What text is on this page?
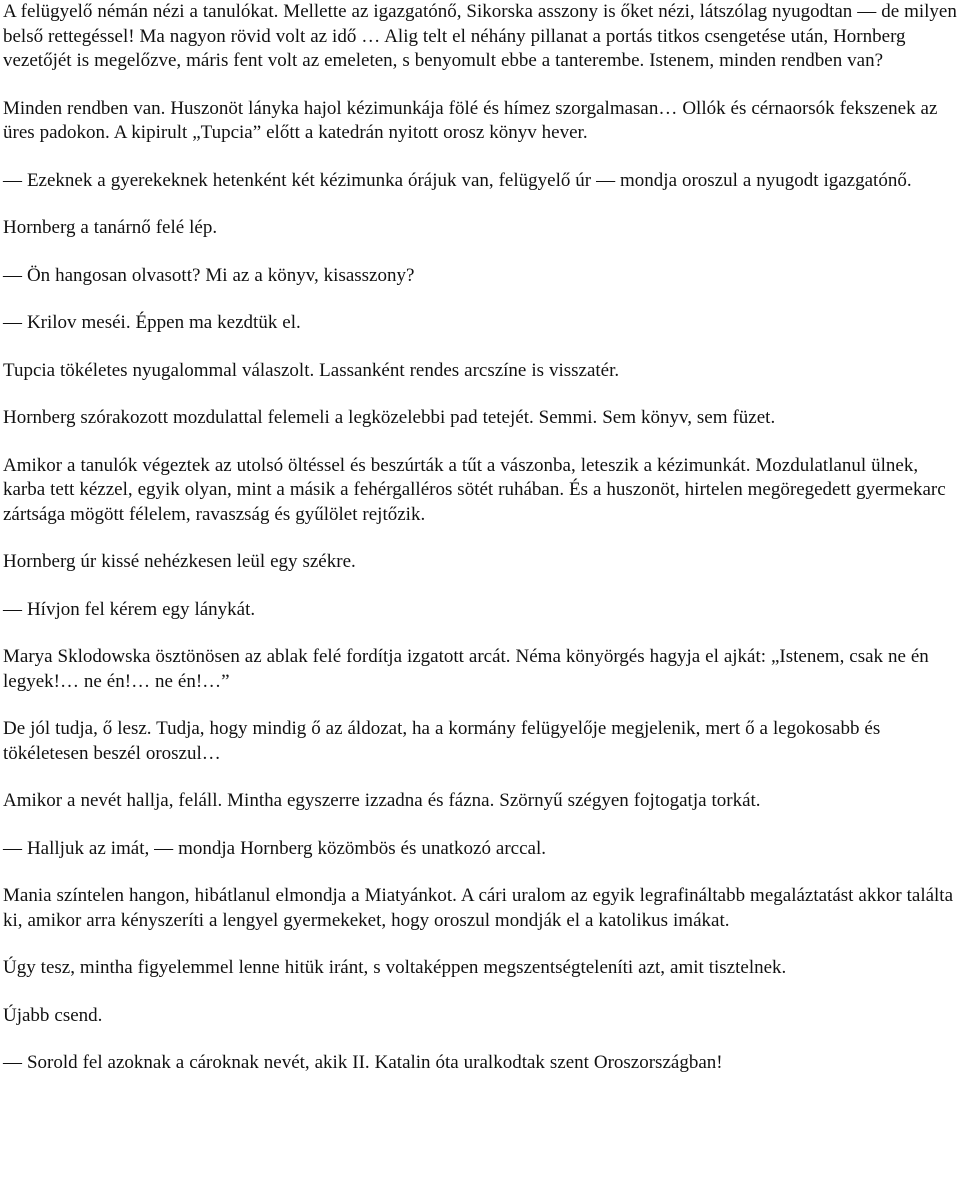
A felügyelő némán nézi a tanulókat. Mellette az igazgatónő, Sikorska asszony is őket nézi, látszólag nyugodtan — de milyen belső rettegéssel! Ma nagyon rövid volt az idő … Alig telt el néhány pillanat a portás titkos csengetése után, Hornberg vezetőjét is megelőzve, máris fent volt az emeleten, s benyomult ebbe a tanterembe. Istenem, minden rendben van?

Minden rendben van. Huszonöt lányka hajol kézimunkája fölé és hímez szorgalmasan… Ollók és cérnaorsók fekszenek az üres padokon. A kipirult „Tupcia” előtt a katedrán nyitott orosz könyv hever.

— Ezeknek a gyerekeknek hetenként két kézimunka órájuk van, felügyelő úr — mondja oroszul a nyugodt igazgatónő.

Hornberg a tanárnő felé lép.

— Ön hangosan olvasott? Mi az a könyv, kisasszony?

— Krilov meséi. Éppen ma kezdtük el.

Tupcia tökéletes nyugalommal válaszolt. Lassanként rendes arcszíne is visszatér.

Hornberg szórakozott mozdulattal felemeli a legközelebbi pad tetejét. Semmi. Sem könyv, sem füzet.

Amikor a tanulók végeztek az utolsó öltéssel és beszúrták a tűt a vászonba, leteszik a kézimunkát. Mozdulatlanul ülnek, karba tett kézzel, egyik olyan, mint a másik a fehérgalléros sötét ruhában. És a huszonöt, hirtelen megöregedett gyermekarc zártsága mögött félelem, ravaszság és gyűlölet rejtőzik.

Hornberg úr kissé nehézkesen leül egy székre.

— Hívjon fel kérem egy lánykát.

Marya Sklodowska ösztönösen az ablak felé fordítja izgatott arcát. Néma könyörgés hagyja el ajkát: „Istenem, csak ne én legyek!… ne én!… ne én!…”

De jól tudja, ő lesz. Tudja, hogy mindig ő az áldozat, ha a kormány felügyelője megjelenik, mert ő a legokosabb és tökéletesen beszél oroszul…

Amikor a nevét hallja, feláll. Mintha egyszerre izzadna és fázna. Szörnyű szégyen fojtogatja torkát.

— Halljuk az imát, — mondja Hornberg közömbös és unatkozó arccal.

Mania színtelen hangon, hibátlanul elmondja a Miatyánkot. A cári uralom az egyik legrafináltabb megaláztatást akkor találta ki, amikor arra kényszeríti a lengyel gyermekeket, hogy oroszul mondják el a katolikus imákat.

Úgy tesz, mintha figyelemmel lenne hitük iránt, s voltaképpen megszentségteleníti azt, amit tisztelnek.

Újabb csend.

— Sorold fel azoknak a cároknak nevét, akik II. Katalin óta uralkodtak szent Oroszországban!
